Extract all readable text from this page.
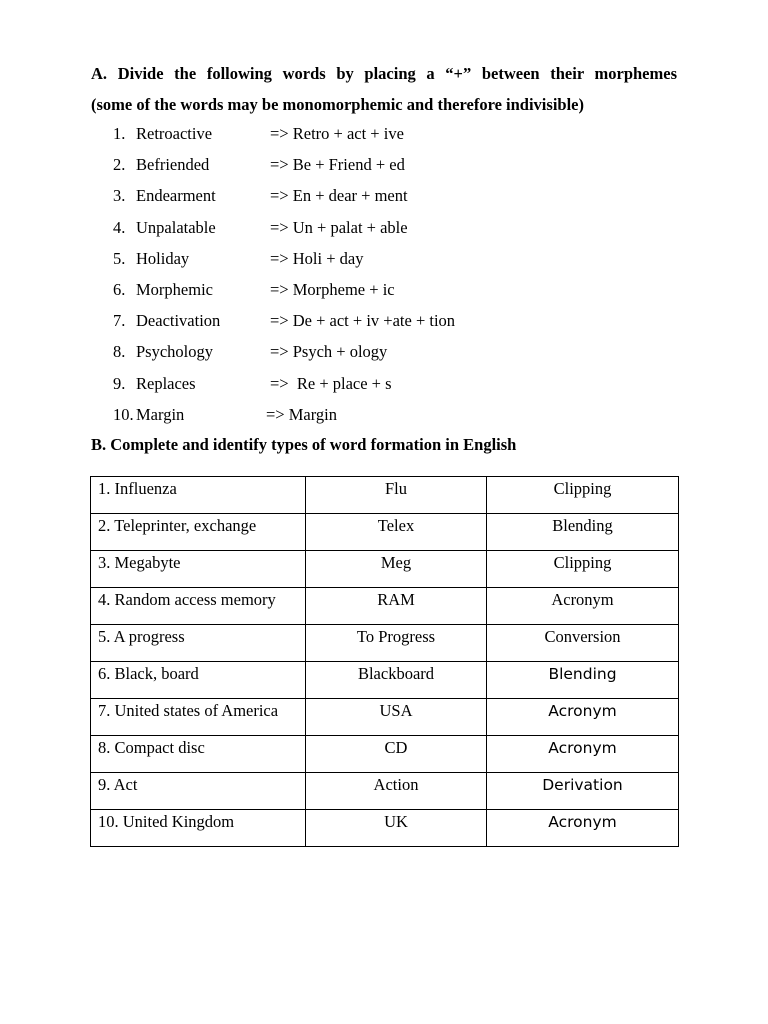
A. Divide the following words by placing a “+” between their morphemes
(some of the words may be monomorphemic and therefore indivisible)
1. Retroactive	=> Retro + act + ive
2. Befriended	=> Be + Friend + ed
3. Endearment	=> En + dear + ment
4. Unpalatable	=> Un + palat + able
5. Holiday	=> Holi + day
6. Morphemic	=> Morpheme + ic
7. Deactivation	=> De + act + iv +ate + tion
8. Psychology	=> Psych + ology
9. Replaces	=>  Re + place + s
10. Margin	=> Margin
B. Complete and identify types of word formation in English
1. Influenza	Flu	Clipping
2. Teleprinter, exchange	Telex	Blending
3. Megabyte	Meg	Clipping
4. Random access memory	RAM	Acronym
5. A progress	To Progress	Conversion
6. Black, board	Blackboard	Blending
7. United states of America	USA	Acronym
8. Compact disc	CD	Acronym
9. Act	Action	Derivation
10. United Kingdom	UK	Acronym
